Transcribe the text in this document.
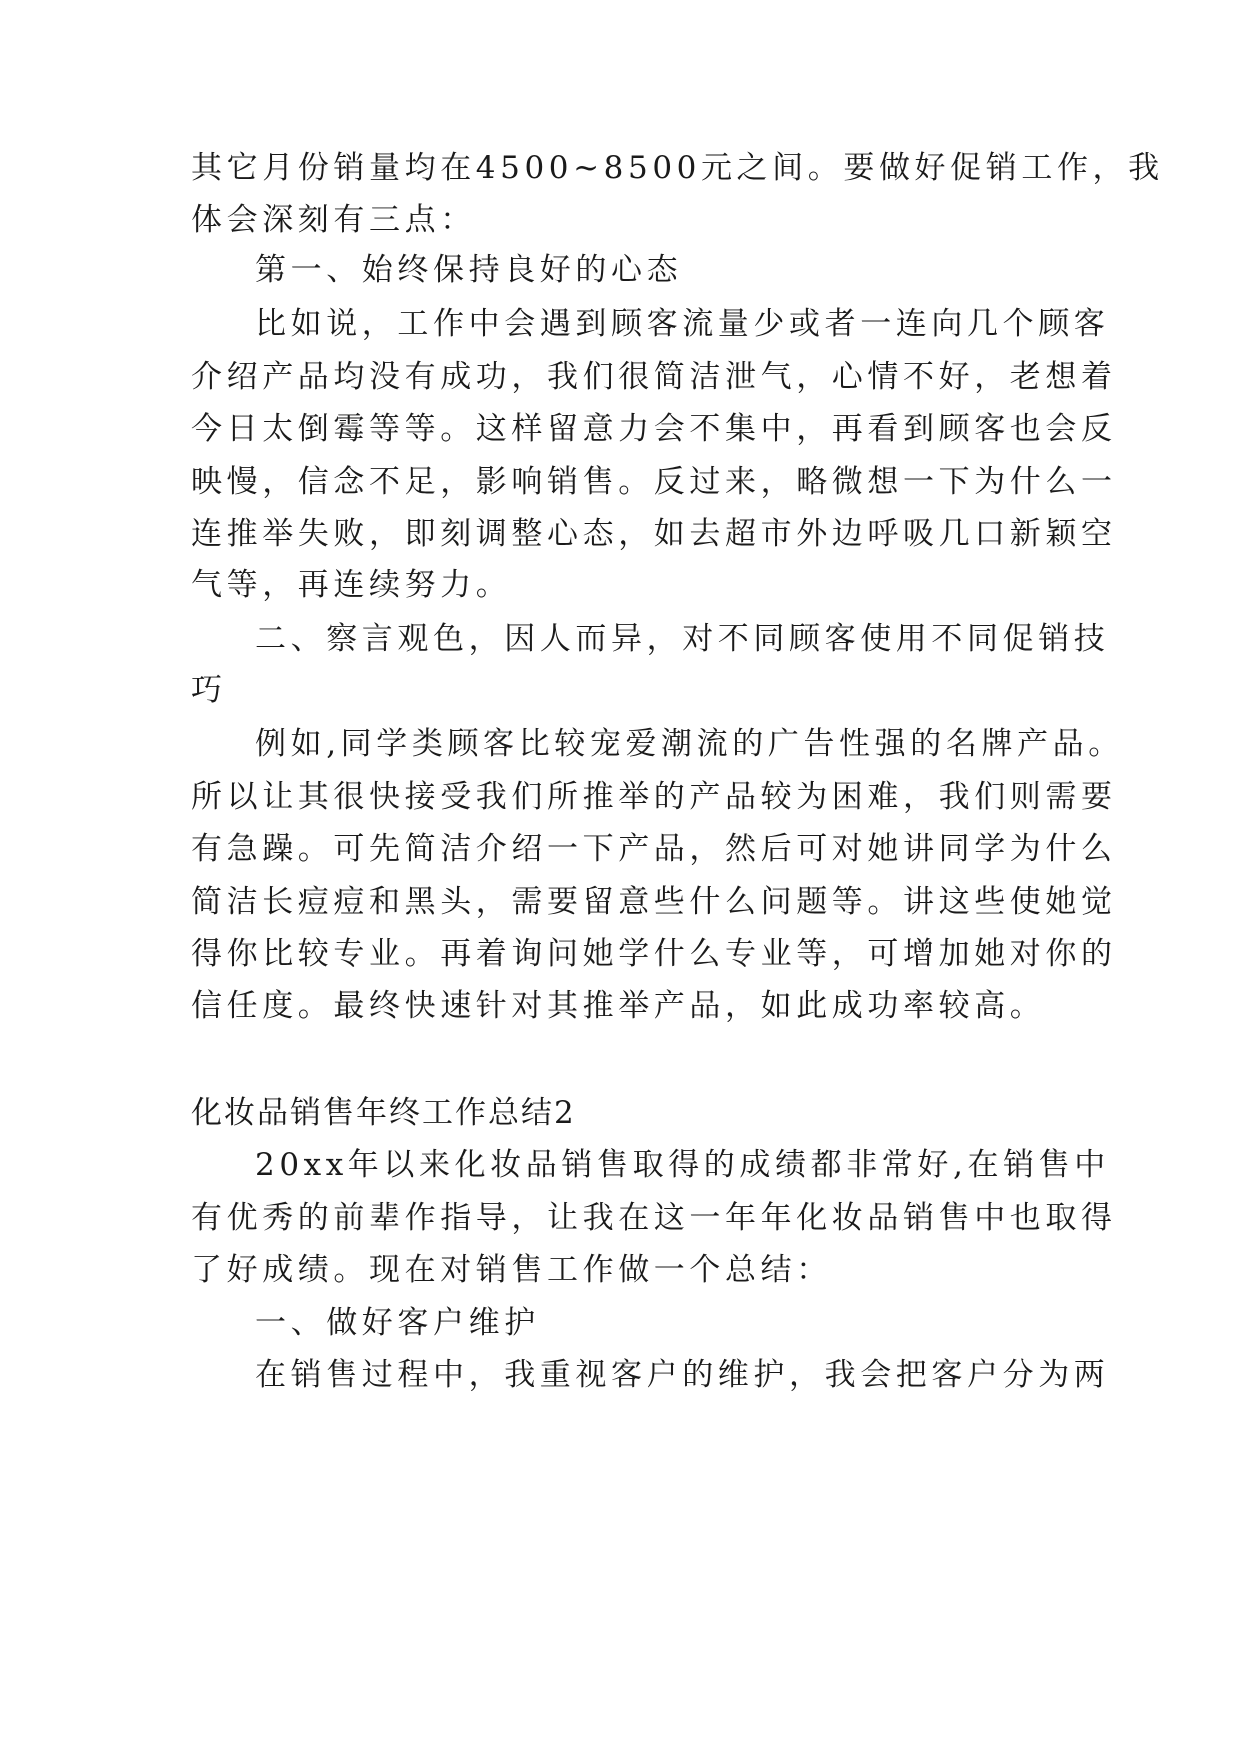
其它月份销量均在4500~8500元之间。要做好促销工作，我
体会深刻有三点：
第一、始终保持良好的心态
比如说，工作中会遇到顾客流量少或者一连向几个顾客
介绍产品均没有成功，我们很简洁泄气，心情不好，老想着
今日太倒霉等等。这样留意力会不集中，再看到顾客也会反
映慢，信念不足，影响销售。反过来，略微想一下为什么一
连推举失败，即刻调整心态，如去超市外边呼吸几口新颖空
气等，再连续努力。
二、察言观色，因人而异，对不同顾客使用不同促销技
巧
例如,同学类顾客比较宠爱潮流的广告性强的名牌产品。
所以让其很快接受我们所推举的产品较为困难，我们则需要
有急躁。可先简洁介绍一下产品，然后可对她讲同学为什么
简洁长痘痘和黑头，需要留意些什么问题等。讲这些使她觉
得你比较专业。再着询问她学什么专业等，可增加她对你的
信任度。最终快速针对其推举产品，如此成功率较高。
化妆品销售年终工作总结2
20xx年以来化妆品销售取得的成绩都非常好,在销售中
有优秀的前辈作指导，让我在这一年年化妆品销售中也取得
了好成绩。现在对销售工作做一个总结：
一、做好客户维护
在销售过程中，我重视客户的维护，我会把客户分为两
